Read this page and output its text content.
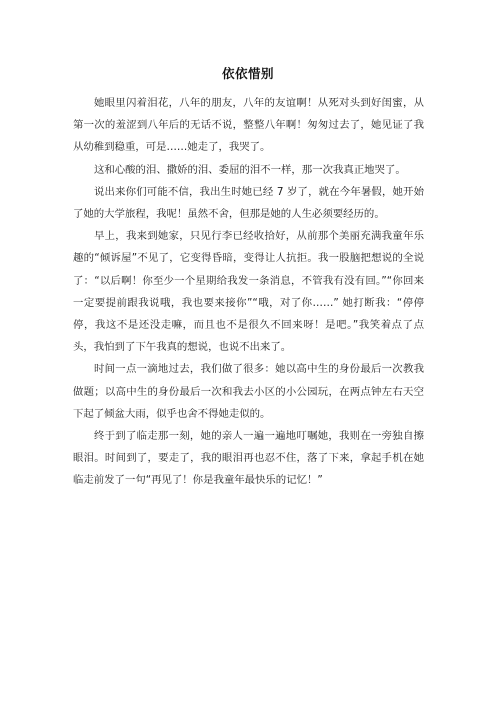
依依惜别

她眼里闪着泪花，八年的朋友，八年的友谊啊！从死对头到好闺蜜，从第一次的羞涩到八年后的无话不说，整整八年啊！匆匆过去了，她见证了我从幼稚到稳重，可是……她走了，我哭了。

这和心酸的泪、撒娇的泪、委屈的泪不一样，那一次我真正地哭了。

说出来你们可能不信，我出生时她已经 7 岁了，就在今年暑假，她开始了她的大学旅程，我呢！虽然不舍，但那是她的人生必须要经历的。

早上，我来到她家，只见行李已经收拾好，从前那个美丽充满我童年乐趣的“倾诉屋”不见了，它变得昏暗，变得让人抗拒。我一股脑把想说的全说了：“以后啊！你至少一个星期给我发一条消息，不管我有没有回。”“你回来一定要提前跟我说哦，我也要来接你”“哦，对了你……” 她打断我：“停停停，我这不是还没走嘛，而且也不是很久不回来呀！是吧。”我笑着点了点头，我怕到了下午我真的想说，也说不出来了。

时间一点一滴地过去，我们做了很多：她以高中生的身份最后一次教我做题；以高中生的身份最后一次和我去小区的小公园玩，在两点钟左右天空下起了倾盆大雨，似乎也舍不得她走似的。

终于到了临走那一刻，她的亲人一遍一遍地叮嘱她，我则在一旁独自擦眼泪。时间到了，要走了，我的眼泪再也忍不住，落了下来，拿起手机在她临走前发了一句“再见了！你是我童年最快乐的记忆！”
